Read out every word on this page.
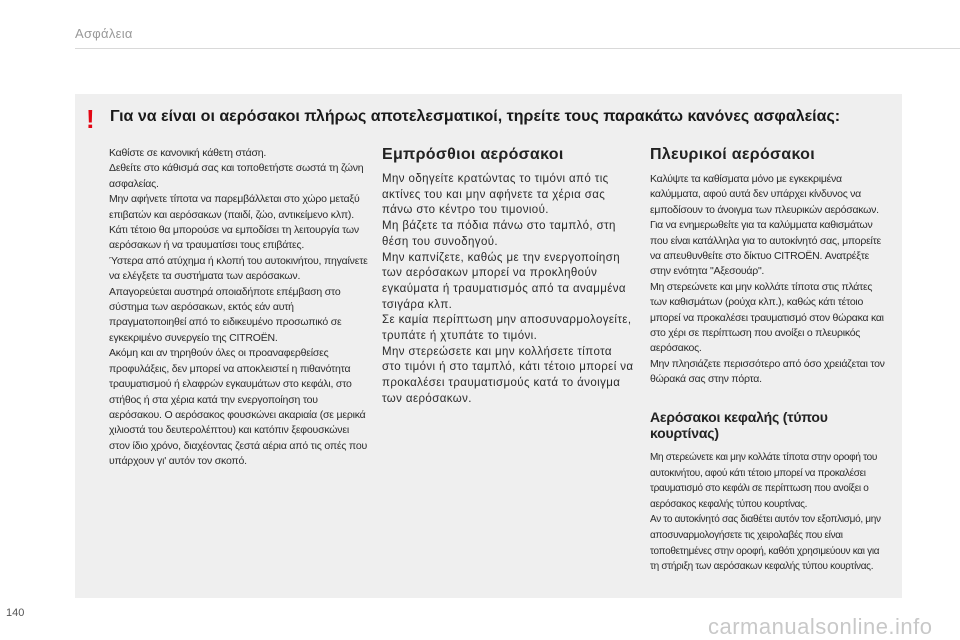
Ασφάλεια
! Για να είναι οι αερόσακοι πλήρως αποτελεσματικοί, τηρείτε τους παρακάτω κανόνες ασφαλείας:

Καθίστε σε κανονική κάθετη στάση.
Δεθείτε στο κάθισμά σας και τοποθετήστε σωστά τη ζώνη ασφαλείας.
Μην αφήνετε τίποτα να παρεμβάλλεται στο χώρο μεταξύ επιβατών και αερόσακων (παιδί, ζώο, αντικείμενο κλπ). Κάτι τέτοιο θα μπορούσε να εμποδίσει τη λειτουργία των αερόσακων ή να τραυματίσει τους επιβάτες.
Ύστερα από ατύχημα ή κλοπή του αυτοκινήτου, πηγαίνετε να ελέγξετε τα συστήματα των αερόσακων.
Απαγορεύεται αυστηρά οποιαδήποτε επέμβαση στο σύστημα των αερόσακων, εκτός εάν αυτή πραγματοποιηθεί από το ειδικευμένο προσωπικό σε εγκεκριμένο συνεργείο της CITROËN.
Ακόμη και αν τηρηθούν όλες οι προαναφερθείσες προφυλάξεις, δεν μπορεί να αποκλειστεί η πιθανότητα τραυματισμού ή ελαφρών εγκαυμάτων στο κεφάλι, στο στήθος ή στα χέρια κατά την ενεργοποίηση του αερόσακου. Ο αερόσακος φουσκώνει ακαριαία (σε μερικά χιλιοστά του δευτερολέπτου) και κατόπιν ξεφουσκώνει στον ίδιο χρόνο, διαχέοντας ζεστά αέρια από τις οπές που υπάρχουν γι' αυτόν τον σκοπό.

Εμπρόσθιοι αερόσακοι

Μην οδηγείτε κρατώντας το τιμόνι από τις ακτίνες του και μην αφήνετε τα χέρια σας πάνω στο κέντρο του τιμονιού.
Μη βάζετε τα πόδια πάνω στο ταμπλό, στη θέση του συνοδηγού.
Μην καπνίζετε, καθώς με την ενεργοποίηση των αερόσακων μπορεί να προκληθούν εγκαύματα ή τραυματισμός από τα αναμμένα τσιγάρα κλπ.
Σε καμία περίπτωση μην αποσυναρμολογείτε, τρυπάτε ή χτυπάτε το τιμόνι.
Μην στερεώσετε και μην κολλήσετε τίποτα στο τιμόνι ή στο ταμπλό, κάτι τέτοιο μπορεί να προκαλέσει τραυματισμούς κατά το άνοιγμα των αερόσακων.

Πλευρικοί αερόσακοι

Καλύψτε τα καθίσματα μόνο με εγκεκριμένα καλύμματα, αφού αυτά δεν υπάρχει κίνδυνος να εμποδίσουν το άνοιγμα των πλευρικών αερόσακων. Για να ενημερωθείτε για τα καλύμματα καθισμάτων που είναι κατάλληλα για το αυτοκίνητό σας, μπορείτε να απευθυνθείτε στο δίκτυο CITROËN. Ανατρέξτε στην ενότητα "Αξεσουάρ".
Μη στερεώνετε και μην κολλάτε τίποτα στις πλάτες των καθισμάτων (ρούχα κλπ.), καθώς κάτι τέτοιο μπορεί να προκαλέσει τραυματισμό στον θώρακα και στο χέρι σε περίπτωση που ανοίξει ο πλευρικός αερόσακος.
Μην πλησιάζετε περισσότερο από όσο χρειάζεται τον θώρακά σας στην πόρτα.

Αερόσακοι κεφαλής (τύπου κουρτίνας)

Μη στερεώνετε και μην κολλάτε τίποτα στην οροφή του αυτοκινήτου, αφού κάτι τέτοιο μπορεί να προκαλέσει τραυματισμό στο κεφάλι σε περίπτωση που ανοίξει ο αερόσακος κεφαλής τύπου κουρτίνας.
Αν το αυτοκίνητό σας διαθέτει αυτόν τον εξοπλισμό, μην αποσυναρμολογήσετε τις χειρολαβές που είναι τοποθετημένες στην οροφή, καθότι χρησιμεύουν και για τη στήριξη των αερόσακων κεφαλής τύπου κουρτίνας.

140
carmanualsonline.info
